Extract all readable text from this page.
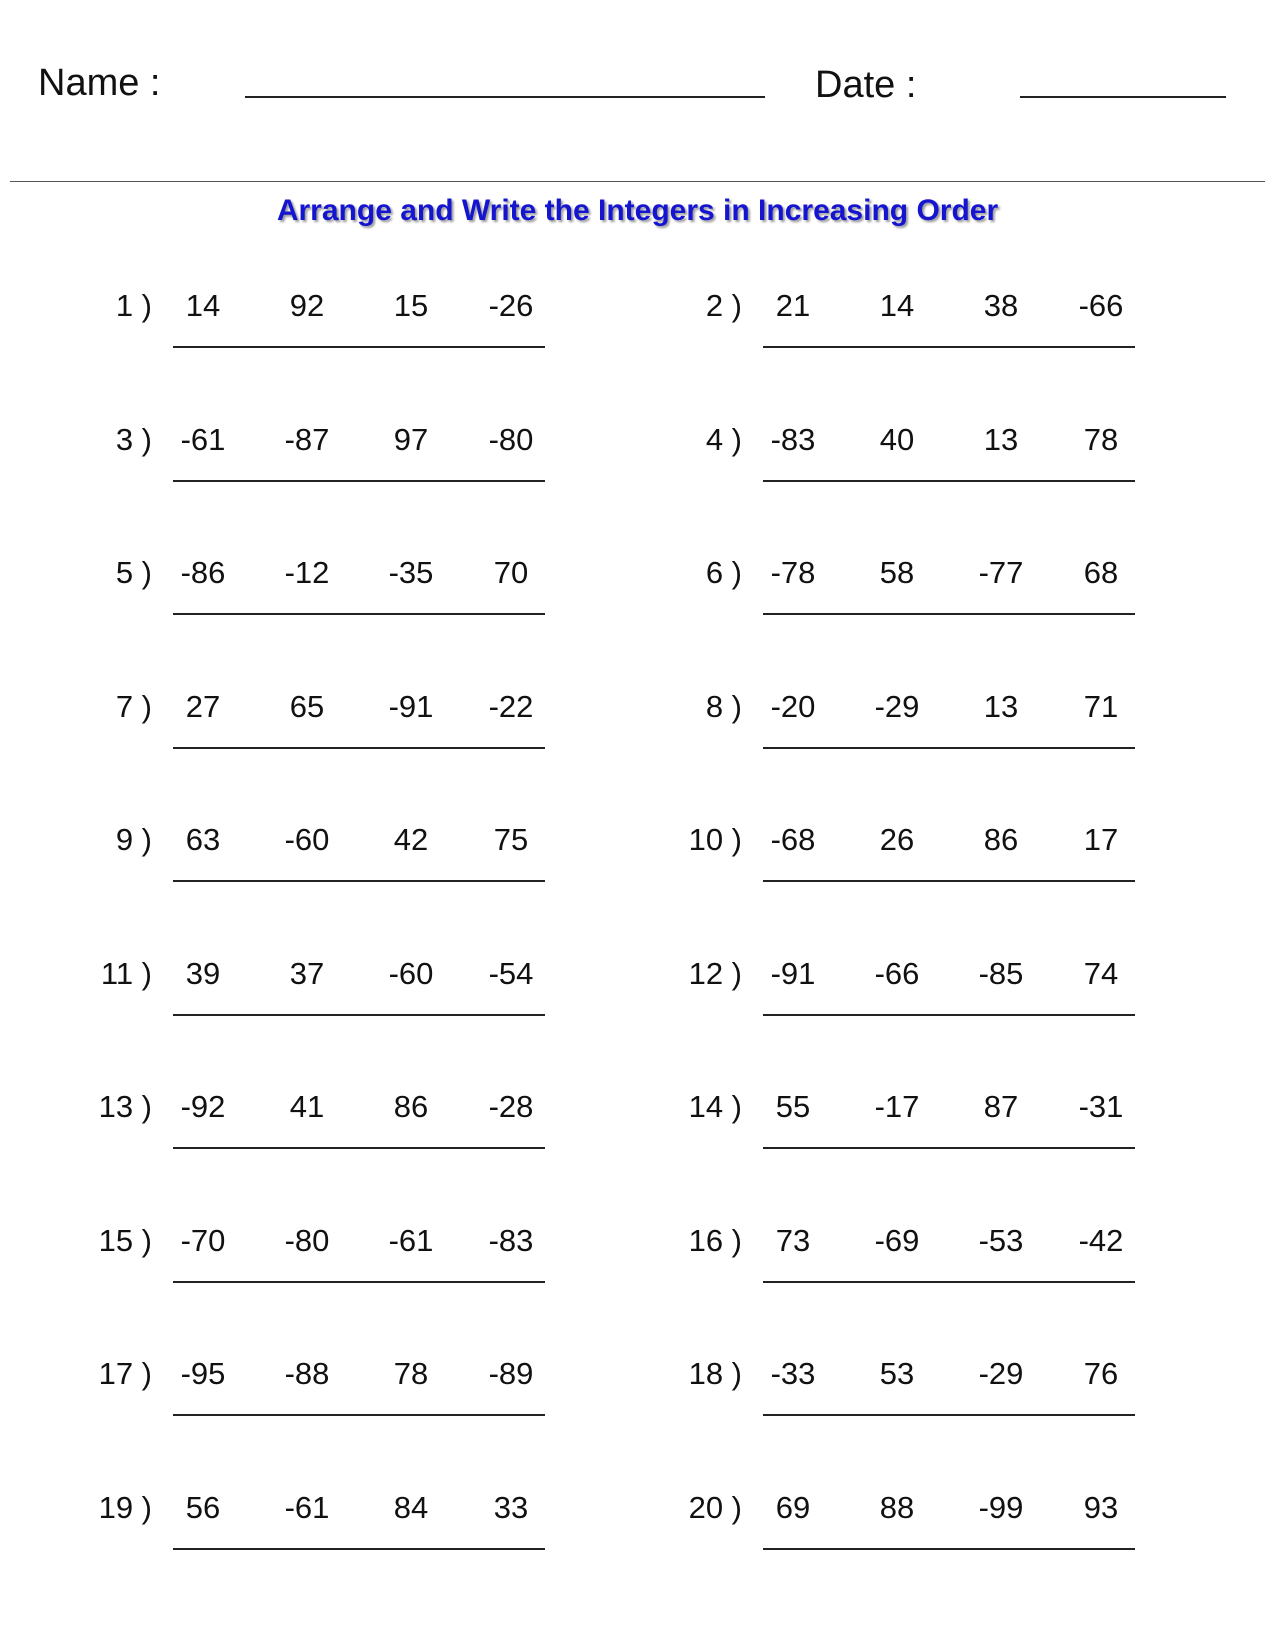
Name :	Date :
Arrange and Write the Integers in Increasing Order
1 )	14	92	15	-26	2 )	21	14	38	-66
3 ) -61	-87	97	-80	4 ) -83	40	13	78
5 ) -86	-12	-35	70	6 ) -78	58	-77	68
7 )	27	65	-91	-22	8 ) -20	-29	13	71
9 )	63	-60	42	75	10 ) -68	26	86	17
11 )	39	37	-60	-54	12 ) -91	-66	-85	74
13 ) -92	41	86	-28	14 )	55	-17	87	-31
15 ) -70	-80	-61	-83	16 )	73	-69	-53	-42
17 ) -95	-88	78	-89	18 ) -33	53	-29	76
19 )	56	-61	84	33	20 )	69	88	-99	93
